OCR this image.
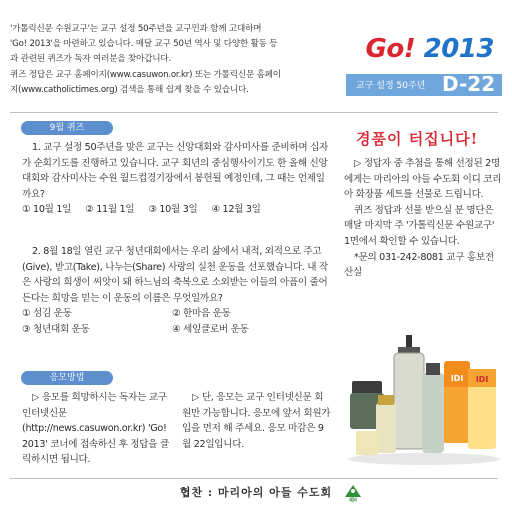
'가톨릭신문 수원교구'는 교구 설정 50주년을 교구민과 함께 고대하며

'Go! 2013'을 마련하고 있습니다. 매달 교구 50년 역사 및 다양한 활동 등

과 관련된 퀴즈가 독자 여러분을 찾아갑니다.

퀴즈 정답은 교구 홈페이지(www.casuwon.or.kr) 또는 가톨릭신문 홈페이

지(www.catholictimes.org) 검색을 통해 쉽게 찾을 수 있습니다.

Go! 2013
교구 설정 50주년 D-22
9월 퀴즈
1. 교구 설정 50주년을 맞은 교구는 신앙대회와 감사미사를 준비하며 십자가 순회기도를 진행하고 있습니다. 교구 회년의 중심행사이기도 한 올해 신앙대회와 감사미사는 수원 월드컵경기장에서 봉헌될 예정인데, 그 때는 언제일까요?
① 10월 1일 ② 11월 1일 ③ 10월 3일 ④ 12월 3일
2. 8월 18일 열린 교구 청년대회에서는 우리 삶에서 내적, 외적으로 주고(Give), 받고(Take), 나누는(Share) 사랑의 실천 운동을 선포했습니다. 내 작은 사랑의 희생이 씨앗이 돼 하느님의 축복으로 소외받는 이들의 아픔이 줄어든다는 희망을 믿는 이 운동의 이름은 무엇일까요?
① 섬김 운동	② 한마음 운동
③ 청년대회 운동	④ 세잎클로버 운동
응모방법
▷ 응모를 희망하시는 독자는 교구 인터넷신문(http://news.casuwon.or.kr) 'Go! 2013' 코너에 접속하신 후 정답을 클릭하시면 됩니다.
▷ 단, 응모는 교구 인터넷신문 회원만 가능합니다. 응모에 앞서 회원가입을 먼저 해 주세요. 응모 마감은 9월 22일입니다.
경품이 터집니다!

▷ 정답자 중 추첨을 통해 선정된 2명에게는 마리아의 아들 수도회 이디 코리아 화장품 세트를 선물로 드립니다.

퀴즈 정답과 선물 받으실 분 명단은 매달 마지막 주 '가톨릭신문 수원교구' 1면에서 확인할 수 있습니다.

*문의 031-242-8081 교구 홍보전산실

IDI IDI
협찬 : 마리아의 아들 수도회
IDI
